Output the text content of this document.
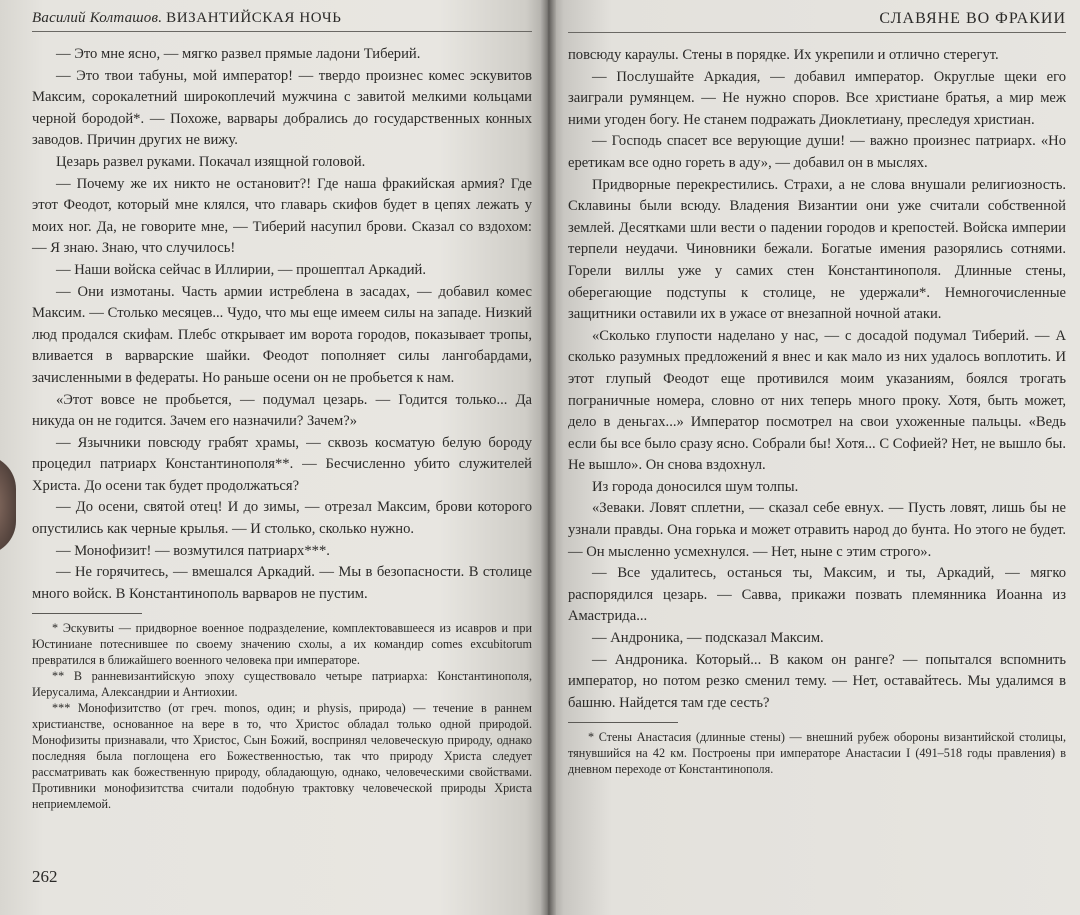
Василий Колташов. ВИЗАНТИЙСКАЯ НОЧЬ

— Это мне ясно, — мягко развел прямые ладони Тиберий.

— Это твои табуны, мой император! — твердо произнес комес эскувитов Максим, сорокалетний широкоплечий мужчина с завитой мелкими кольцами черной бородой*. — Похоже, варвары добрались до государственных конных заводов. Причин других не вижу.

Цезарь развел руками. Покачал изящной головой.

— Почему же их никто не остановит?! Где наша фракийская армия? Где этот Феодот, который мне клялся, что главарь скифов будет в цепях лежать у моих ног. Да, не говорите мне, — Тиберий насупил брови. Сказал со вздохом: — Я знаю. Знаю, что случилось!

— Наши войска сейчас в Иллирии, — прошептал Аркадий.

— Они измотаны. Часть армии истреблена в засадах, — добавил комес Максим. — Столько месяцев... Чудо, что мы еще имеем силы на западе. Низкий люд продался скифам. Плебс открывает им ворота городов, показывает тропы, вливается в варварские шайки. Феодот пополняет силы лангобардами, зачисленными в федераты. Но раньше осени он не пробьется к нам.

«Этот вовсе не пробьется, — подумал цезарь. — Годится только... Да никуда он не годится. Зачем его назначили? Зачем?»

— Язычники повсюду грабят храмы, — сквозь косматую белую бороду процедил патриарх Константинополя**. — Бесчисленно убито служителей Христа. До осени так будет продолжаться?

— До осени, святой отец! И до зимы, — отрезал Максим, брови которого опустились как черные крылья. — И столько, сколько нужно.

— Монофизит! — возмутился патриарх***.

— Не горячитесь, — вмешался Аркадий. — Мы в безопасности. В столице много войск. В Константинополь варваров не пустим.

* Эскувиты — придворное военное подразделение, комплектовавшееся из исавров и при Юстиниане потеснившее по своему значению схолы, а их командир comes excubitorum превратился в ближайшего военного человека при императоре.

** В ранневизантийскую эпоху существовало четыре патриарха: Константинополя, Иерусалима, Александрии и Антиохии.

*** Монофизитство (от греч. monos, один; и physis, природа) — течение в раннем христианстве, основанное на вере в то, что Христос обладал только одной природой. Монофизиты признавали, что Христос, Сын Божий, воспринял человеческую природу, однако последняя была поглощена его Божественностью, так что природу Христа следует рассматривать как божественную природу, обладающую, однако, человеческими свойствами. Противники монофизитства считали подобную трактовку человеческой природы Христа неприемлемой.

262
СЛАВЯНЕ ВО ФРАКИИ

повсюду караулы. Стены в порядке. Их укрепили и отлично стерегут.

— Послушайте Аркадия, — добавил император. Округлые щеки его заиграли румянцем. — Не нужно споров. Все христиане братья, а мир меж ними угоден богу. Не станем подражать Диоклетиану, преследуя христиан.

— Господь спасет все верующие души! — важно произнес патриарх. «Но еретикам все одно гореть в аду», — добавил он в мыслях.

Придворные перекрестились. Страхи, а не слова внушали религиозность. Склавины были всюду. Владения Византии они уже считали собственной землей. Десятками шли вести о падении городов и крепостей. Войска империи терпели неудачи. Чиновники бежали. Богатые имения разорялись сотнями. Горели виллы уже у самих стен Константинополя. Длинные стены, оберегающие подступы к столице, не удержали*. Немногочисленные защитники оставили их в ужасе от внезапной ночной атаки.

«Сколько глупости наделано у нас, — с досадой подумал Тиберий. — А сколько разумных предложений я внес и как мало из них удалось воплотить. И этот глупый Феодот еще противился моим указаниям, боялся трогать пограничные номера, словно от них теперь много проку. Хотя, быть может, дело в деньгах...» Император посмотрел на свои ухоженные пальцы. «Ведь если бы все было сразу ясно. Собрали бы! Хотя... С Софией? Нет, не вышло бы. Не вышло». Он снова вздохнул.

Из города доносился шум толпы.

«Зеваки. Ловят сплетни, — сказал себе евнух. — Пусть ловят, лишь бы не узнали правды. Она горька и может отравить народ до бунта. Но этого не будет. — Он мысленно усмехнулся. — Нет, ныне с этим строго».

— Все удалитесь, останься ты, Максим, и ты, Аркадий, — мягко распорядился цезарь. — Савва, прикажи позвать племянника Иоанна из Амастрида...

— Андроника, — подсказал Максим.

— Андроника. Который... В каком он ранге? — попытался вспомнить император, но потом резко сменил тему. — Нет, оставайтесь. Мы удалимся в башню. Найдется там где сесть?

* Стены Анастасия (длинные стены) — внешний рубеж обороны византийской столицы, тянувшийся на 42 км. Построены при императоре Анастасии I (491–518 годы правления) в дневном переходе от Константинополя.
